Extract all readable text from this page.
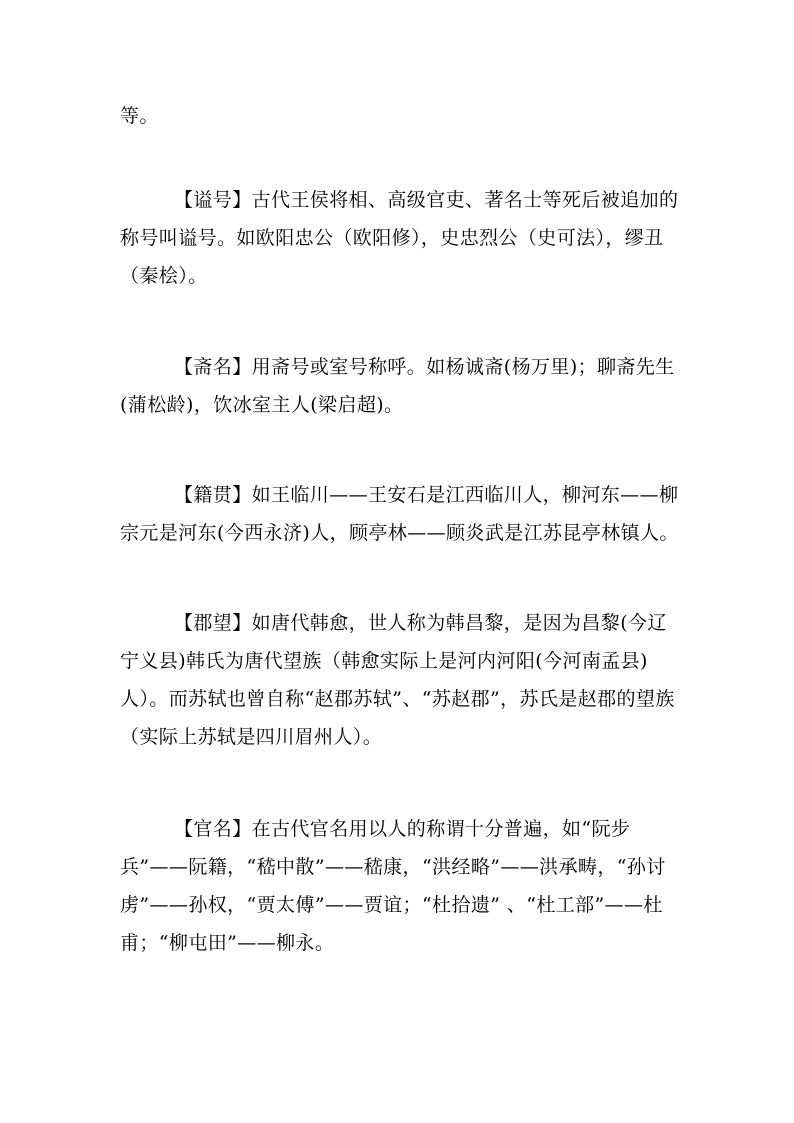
等。

【谥号】古代王侯将相、高级官吏、著名士等死后被追加的称号叫谥号。如欧阳忠公（欧阳修），史忠烈公（史可法），缪丑（秦桧）。

【斋名】用斋号或室号称呼。如杨诚斋(杨万里)；聊斋先生(蒲松龄)，饮冰室主人(梁启超)。

【籍贯】如王临川——王安石是江西临川人，柳河东——柳宗元是河东(今西永济)人，顾亭林——顾炎武是江苏昆亭林镇人。

【郡望】如唐代韩愈，世人称为韩昌黎，是因为昌黎(今辽宁义县)韩氏为唐代望族（韩愈实际上是河内河阳(今河南孟县)人）。而苏轼也曾自称“赵郡苏轼”、“苏赵郡”，苏氏是赵郡的望族（实际上苏轼是四川眉州人）。

【官名】在古代官名用以人的称谓十分普遍，如“阮步兵”——阮籍，“嵇中散”——嵇康，“洪经略”——洪承畴，“孙讨虏”——孙权，“贾太傅”——贾谊；“杜拾遗” 、“杜工部”——杜甫；“柳屯田”——柳永。
